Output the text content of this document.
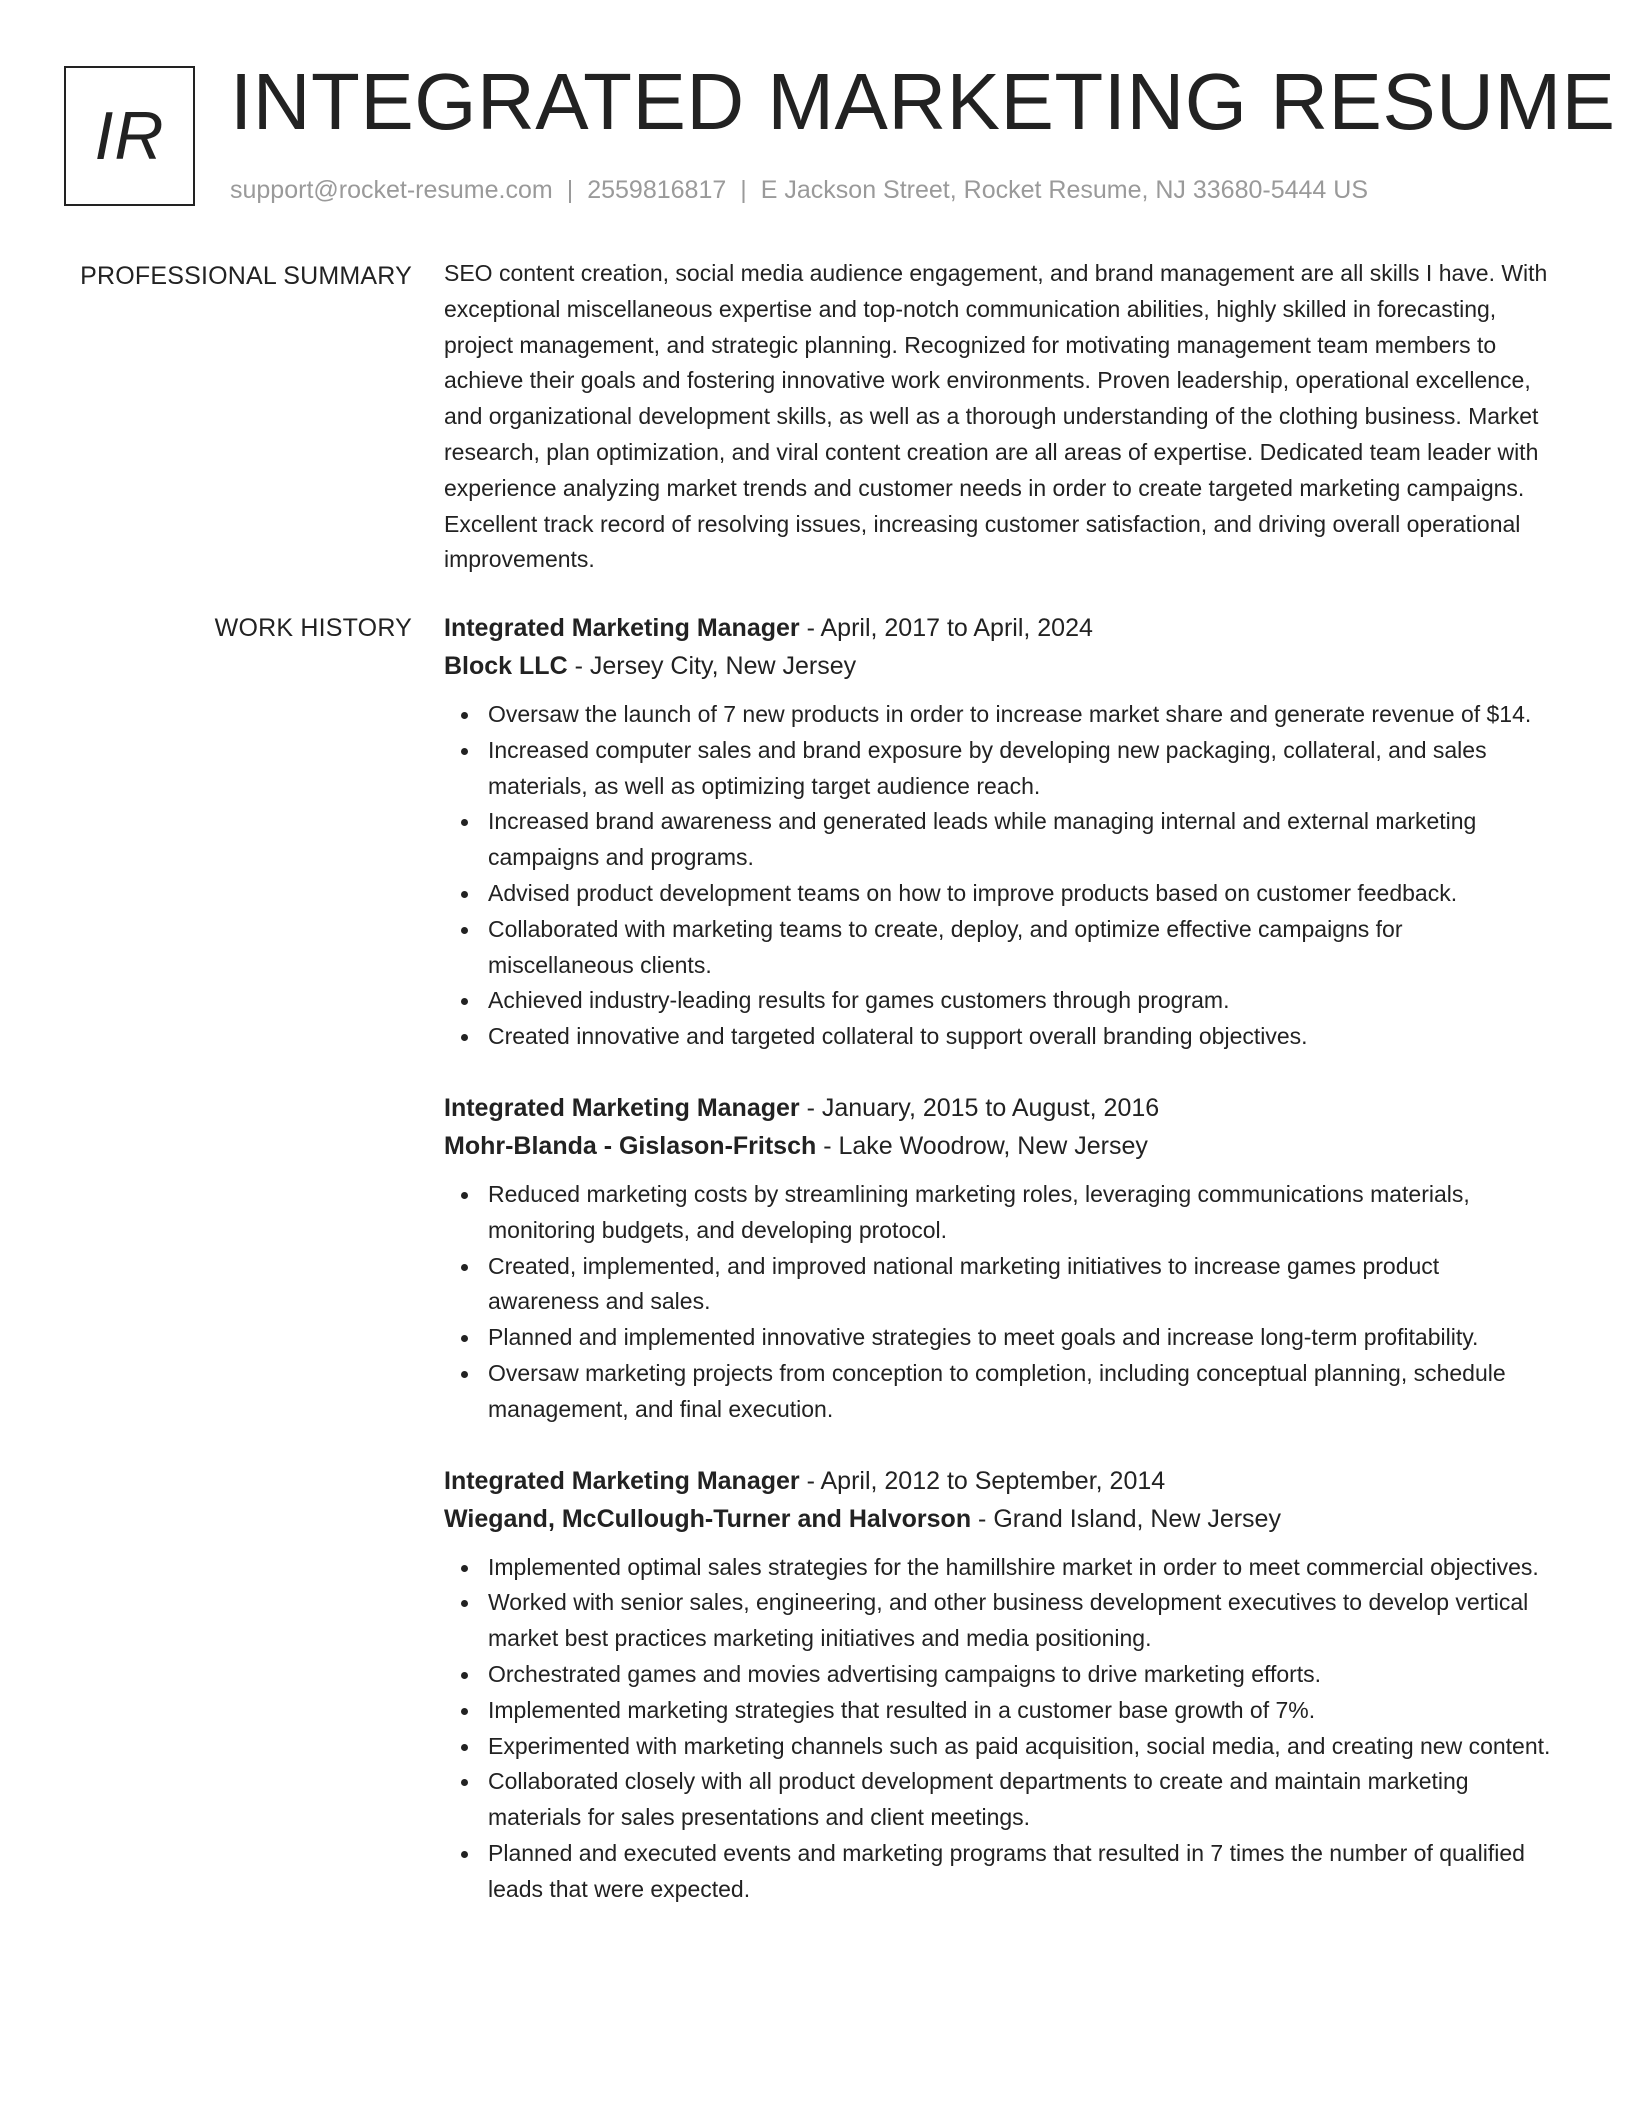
IR INTEGRATED MARKETING RESUME
support@rocket-resume.com | 2559816817 | E Jackson Street, Rocket Resume, NJ 33680-5444 US
PROFESSIONAL SUMMARY SEO content creation, social media audience engagement, and brand management are all skills I have. With exceptional miscellaneous expertise and top-notch communication abilities, highly skilled in forecasting, project management, and strategic planning. Recognized for motivating management team members to achieve their goals and fostering innovative work environments. Proven leadership, operational excellence, and organizational development skills, as well as a thorough understanding of the clothing business. Market research, plan optimization, and viral content creation are all areas of expertise. Dedicated team leader with experience analyzing market trends and customer needs in order to create targeted marketing campaigns. Excellent track record of resolving issues, increasing customer satisfaction, and driving overall operational improvements.

WORK HISTORY Integrated Marketing Manager - April, 2017 to April, 2024
Block LLC - Jersey City, New Jersey
Oversaw the launch of 7 new products in order to increase market share and generate revenue of $14.
Increased computer sales and brand exposure by developing new packaging, collateral, and sales materials, as well as optimizing target audience reach.
Increased brand awareness and generated leads while managing internal and external marketing campaigns and programs.
Advised product development teams on how to improve products based on customer feedback.
Collaborated with marketing teams to create, deploy, and optimize effective campaigns for miscellaneous clients.
Achieved industry-leading results for games customers through program.
Created innovative and targeted collateral to support overall branding objectives.
Integrated Marketing Manager - January, 2015 to August, 2016
Mohr-Blanda - Gislason-Fritsch - Lake Woodrow, New Jersey
Reduced marketing costs by streamlining marketing roles, leveraging communications materials, monitoring budgets, and developing protocol.
Created, implemented, and improved national marketing initiatives to increase games product awareness and sales.
Planned and implemented innovative strategies to meet goals and increase long-term profitability.
Oversaw marketing projects from conception to completion, including conceptual planning, schedule management, and final execution.
Integrated Marketing Manager - April, 2012 to September, 2014
Wiegand, McCullough-Turner and Halvorson - Grand Island, New Jersey
Implemented optimal sales strategies for the hamillshire market in order to meet commercial objectives.
Worked with senior sales, engineering, and other business development executives to develop vertical market best practices marketing initiatives and media positioning.
Orchestrated games and movies advertising campaigns to drive marketing efforts.
Implemented marketing strategies that resulted in a customer base growth of 7%.
Experimented with marketing channels such as paid acquisition, social media, and creating new content.
Collaborated closely with all product development departments to create and maintain marketing materials for sales presentations and client meetings.
Planned and executed events and marketing programs that resulted in 7 times the number of qualified leads that were expected.
